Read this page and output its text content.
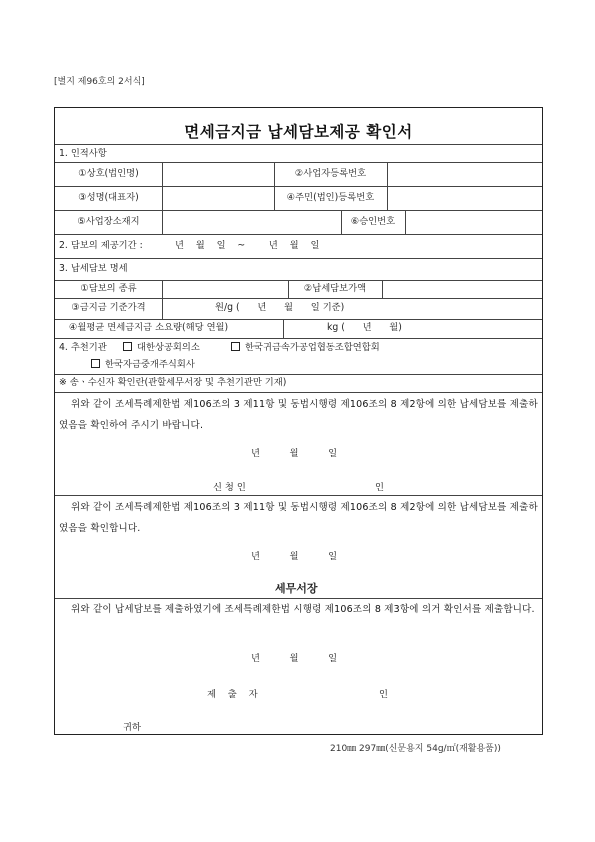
[별지 제96호의 2서식]
면세금지금 납세담보제공 확인서
1. 인적사항
①상호(법인명)	②사업자등록번호
③성명(대표자)	④주민(법인)등록번호
⑤사업장소재지	⑥승인번호
2. 담보의 제공기간 :	년    월    일    ~        년    월    일
3. 납세담보 명세
①담보의 종류	②납세담보가액
③금지금 기준가격	원/g (      년      월      일 기준)
④월평균 면세금지금 소요량(해당 연월)	kg (      년      월)
4. 추천기관	대한상공회의소	한국귀금속가공업협동조합연합회
한국자금중개주식회사
※ 송ㆍ수신자 확인란(관할세무서장 및 추천기관만 기재)
위와 같이 조세특례제한법 제106조의 3 제11항 및 동법시행령 제106조의 8 제2항에 의한 납세담보를 제출하였음을 확인하여 주시기 바랍니다.
년          월          일
신 청 인	인
위와 같이 조세특례제한법 제106조의 3 제11항 및 동법시행령 제106조의 8 제2항에 의한 납세담보를 제출하였음을 확인합니다.
년          월          일
세무서장
위와 같이 납세담보를 제출하였기에 조세특례제한법 시행령 제106조의 8 제3항에 의거 확인서를 제출합니다.
년          월          일
제    출    자	인
귀하
210㎜ 297㎜(신문용지 54g/㎡(재활용품))
